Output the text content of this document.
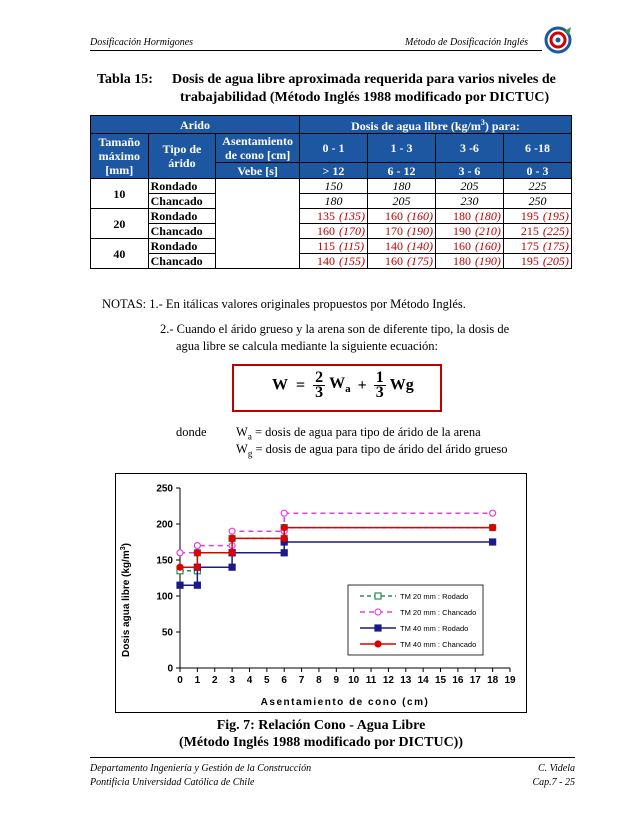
Dosificación Hormigones	Método de Dosificación Inglés
Tabla 15: Dosis de agua libre aproximada requerida para varios niveles de
trabajabilidad (Método Inglés 1988 modificado por DICTUC)
Arido			Dosis de agua libre $(kg/m^3)$ para:							
Tamaño máximo [mm]	Tipo de árido	Asentamiento de cono [cm]	0 - 1		1 - 3		3 -6		6 -18	
		Vebe [s]	> 12		6 - 12		3 - 6		0 - 3	
10	Rondado		150		180		205		225	
	Chancado		180		205		230		250	
20	Rondado		135	(135)	160	(160)	180	(180)	195	(195)
	Chancado		160	(170)	170	(190)	190	(210)	215	(225)
40	Rondado		115	(115)	140	(140)	160	(160)	175	(175)
	Chancado		140	(155)	160	(175)	180	(190)	195	(205)
NOTAS: 1.- En itálicas valores originales propuestos por Método Inglés.
2.- Cuando el árido grueso y la arena son de diferente tipo, la dosis de
agua libre se calcula mediante la siguiente ecuación:
$W = \frac{2}{3} W_a + \frac{1}{3}$ Wg
donde $W_a$ = dosis de agua para tipo de árido de la arena
$W_g$ = dosis de agua para tipo de árido del árido grueso
0
50
100
150
200
250
0 1 2 3 4 5 6 7 8 9 10 11 12 13 14 15 16 17 18 19
TM 20 mm : Rodado
TM 20 mm : Chancado
TM 40 mm : Rodado
TM 40 mm : Chancado
Dosis agua libre $(kg/m^3)$
Asentamiento de cono (cm)
Fig. 7: Relación Cono - Agua Libre
(Método Inglés 1988 modificado por DICTUC))
Departamento Ingeniería y Gestión de la Construcción
Pontificia Universidad Católica de Chile
C. Videla
Cap.7 - 25
